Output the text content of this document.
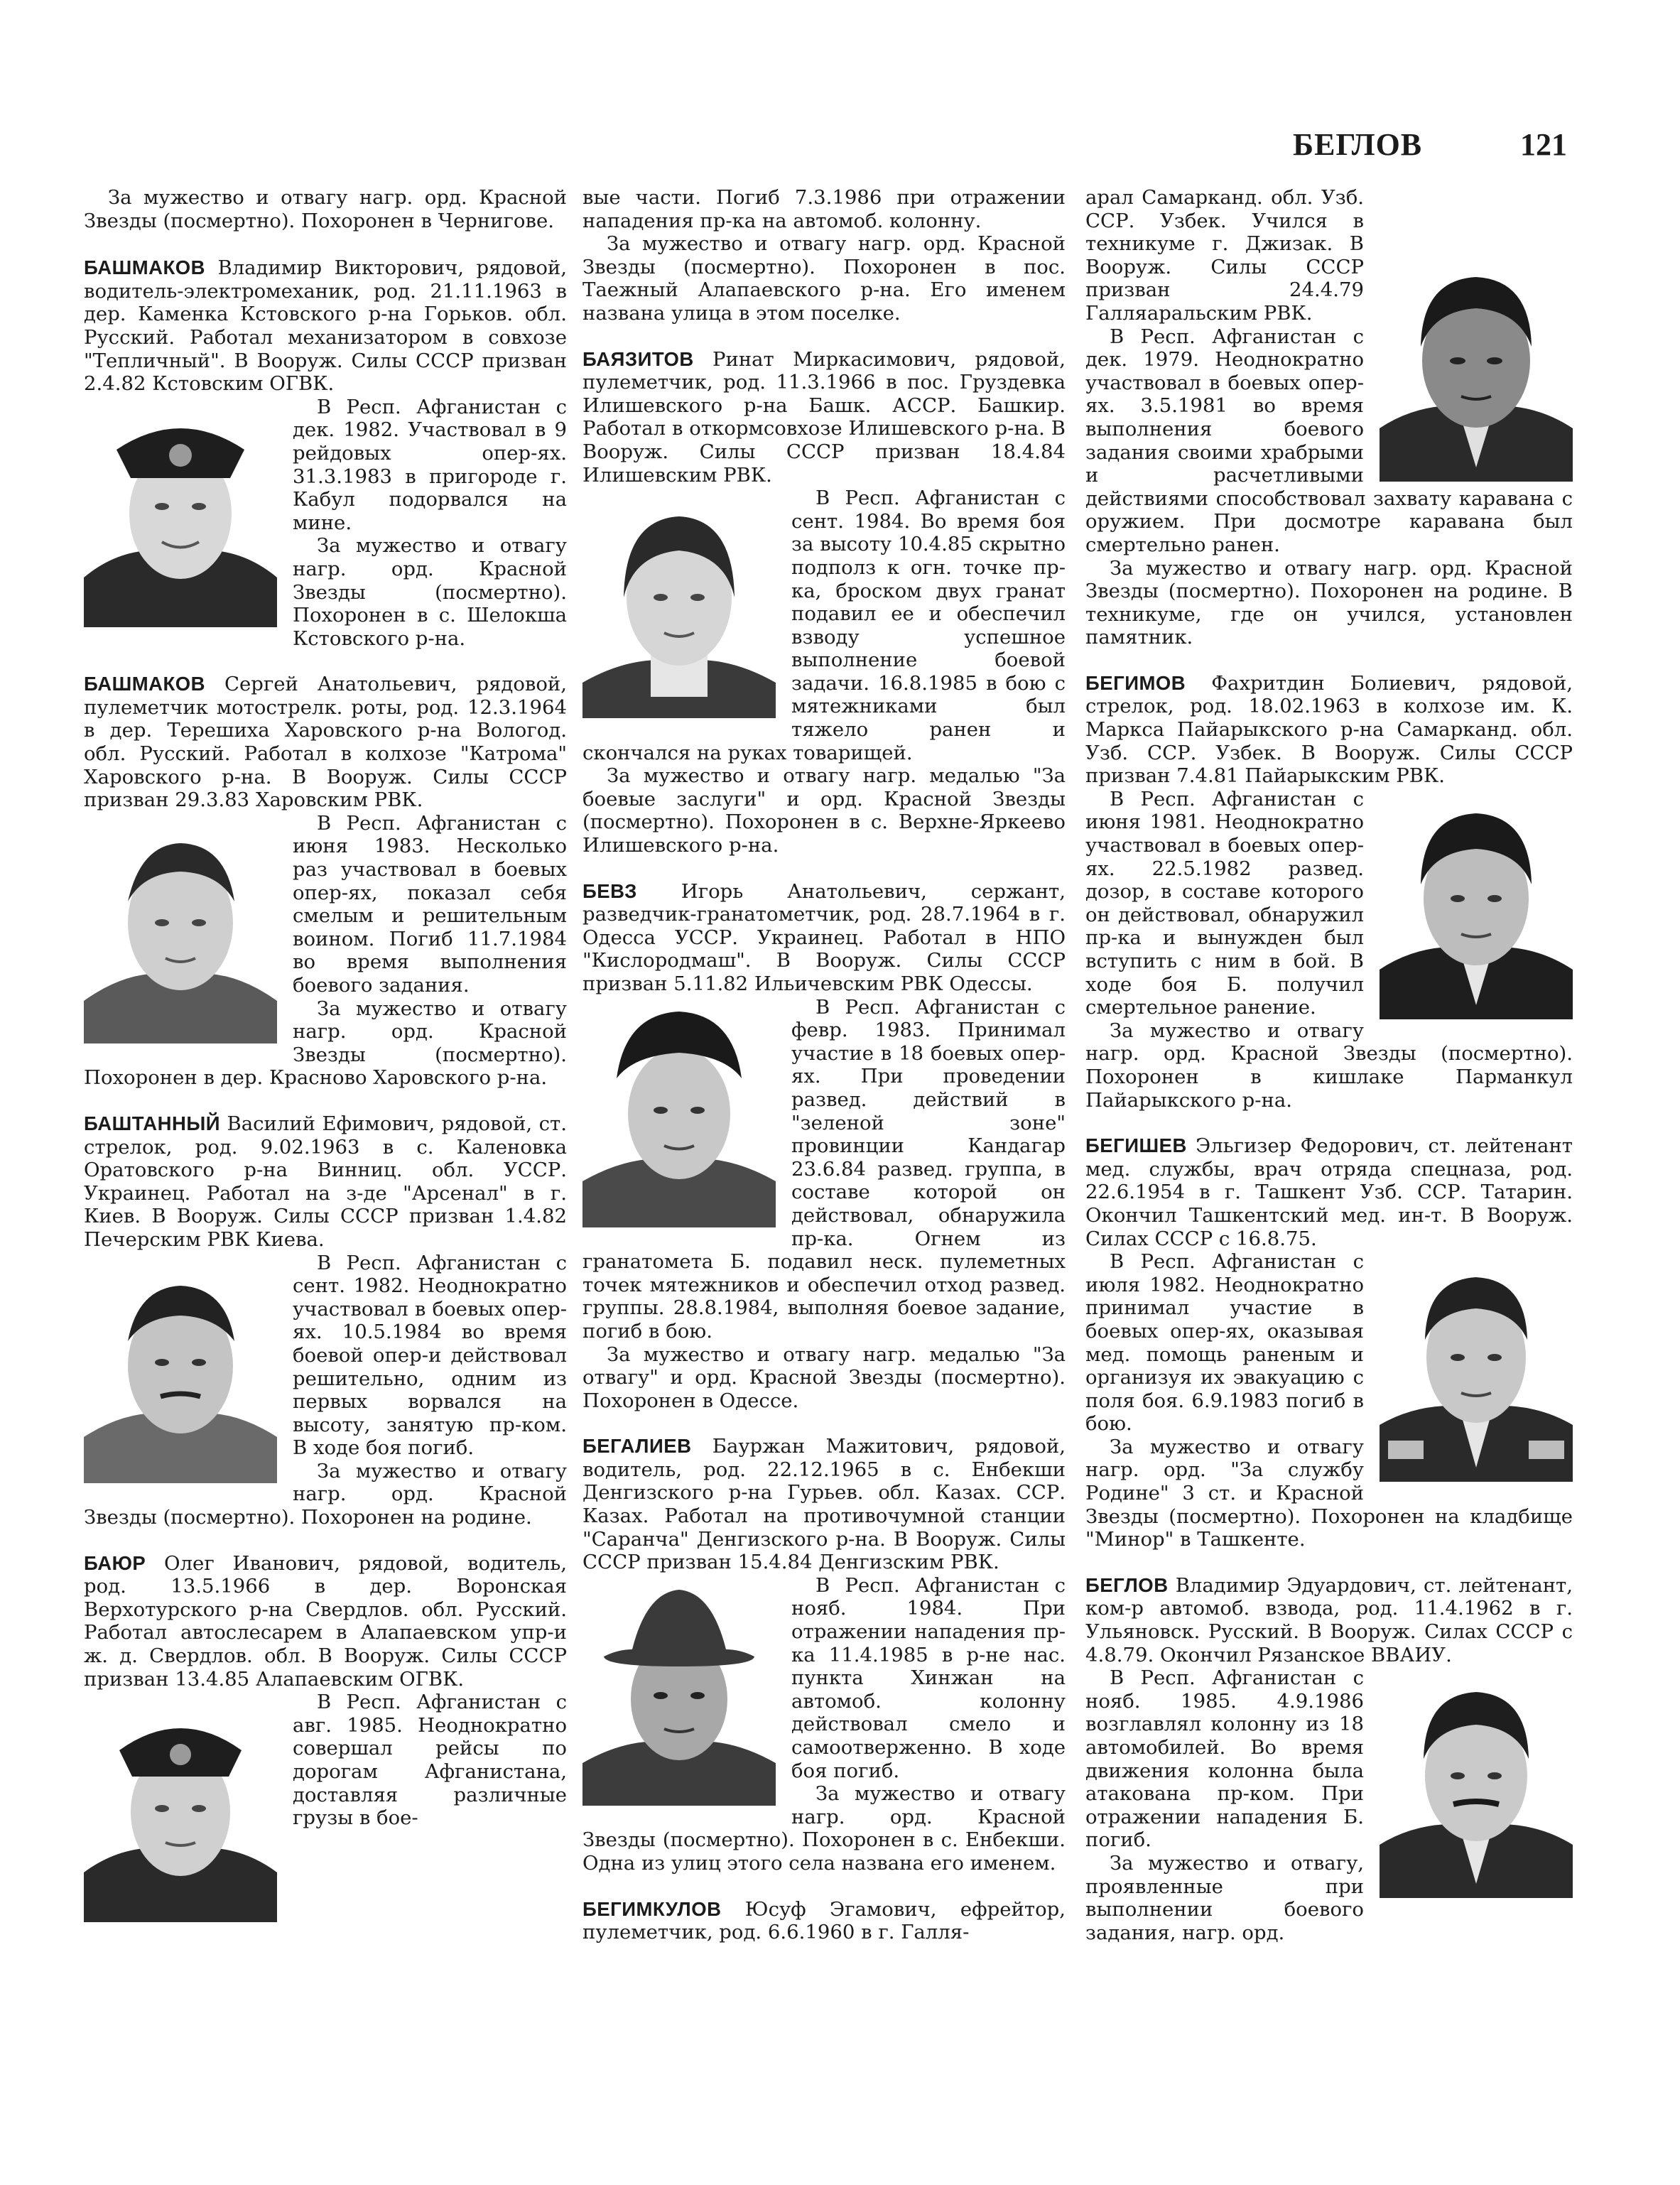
БЕГЛОВ	121

За мужество и отвагу нагр. орд. Красной Звезды (посмертно). Похоронен в Чернигове.

БАШМАКОВ Владимир Викторович, рядовой, водитель-электромеханик, род. 21.11.1963 в дер. Каменка Кстовского р-на Горьков. обл. Русский. Работал механизатором в совхозе "Тепличный". В Вооруж. Силы СССР призван 2.4.82 Кстовским ОГВК.

В Респ. Афганистан с дек. 1982. Участвовал в 9 рейдовых опер-ях. 31.3.1983 в пригороде г. Кабул подорвался на мине.

За мужество и отвагу нагр. орд. Красной Звезды (посмертно). Похоронен в с. Шелокша Кстовского р-на.

БАШМАКОВ Сергей Анатольевич, рядовой, пулеметчик мотострелк. роты, род. 12.3.1964 в дер. Терешиха Харовского р-на Вологод. обл. Русский. Работал в колхозе "Катрома" Харовского р-на. В Вооруж. Силы СССР призван 29.3.83 Харовским РВК.

В Респ. Афганистан с июня 1983. Несколько раз участвовал в боевых опер-ях, показал себя смелым и решительным воином. Погиб 11.7.1984 во время выполнения боевого задания.

За мужество и отвагу нагр. орд. Красной Звезды (посмертно). Похоронен в дер. Красново Харовского р-на.

БАШТАННЫЙ Василий Ефимович, рядовой, ст. стрелок, род. 9.02.1963 в с. Каленовка Оратовского р-на Винниц. обл. УССР. Украинец. Работал на з-де "Арсенал" в г. Киев. В Вооруж. Силы СССР призван 1.4.82 Печерским РВК Киева.

В Респ. Афганистан с сент. 1982. Неоднократно участвовал в боевых опер-ях. 10.5.1984 во время боевой опер-и действовал решительно, одним из первых ворвался на высоту, занятую пр-ком. В ходе боя погиб.

За мужество и отвагу нагр. орд. Красной Звезды (посмертно). Похоронен на родине.

БАЮР Олег Иванович, рядовой, водитель, род. 13.5.1966 в дер. Воронская Верхотурского р-на Свердлов. обл. Русский. Работал автослесарем в Алапаевском упр-и ж. д. Свердлов. обл. В Вооруж. Силы СССР призван 13.4.85 Алапаевским ОГВК.

В Респ. Афганистан с авг. 1985. Неоднократно совершал рейсы по дорогам Афганистана, доставляя различные грузы в бое-

вые части. Погиб 7.3.1986 при отражении нападения пр-ка на автомоб. колонну.

За мужество и отвагу нагр. орд. Красной Звезды (посмертно). Похоронен в пос. Таежный Алапаевского р-на. Его именем названа улица в этом поселке.

БАЯЗИТОВ Ринат Миркасимович, рядовой, пулеметчик, род. 11.3.1966 в пос. Груздевка Илишевского р-на Башк. АССР. Башкир. Работал в откормсовхозе Илишевского р-на. В Вооруж. Силы СССР призван 18.4.84 Илишевским РВК.

В Респ. Афганистан с сент. 1984. Во время боя за высоту 10.4.85 скрытно подполз к огн. точке пр-ка, броском двух гранат подавил ее и обеспечил взводу успешное выполнение боевой задачи. 16.8.1985 в бою с мятежниками был тяжело ранен и скончался на руках товарищей.

За мужество и отвагу нагр. медалью "За боевые заслуги" и орд. Красной Звезды (посмертно). Похоронен в с. Верхне-Яркеево Илишевского р-на.

БЕВЗ Игорь Анатольевич, сержант, разведчик-гранатометчик, род. 28.7.1964 в г. Одесса УССР. Украинец. Работал в НПО "Кислородмаш". В Вооруж. Силы СССР призван 5.11.82 Ильичевским РВК Одессы.

В Респ. Афганистан с февр. 1983. Принимал участие в 18 боевых опер-ях. При проведении развед. действий в "зеленой зоне" провинции Кандагар 23.6.84 развед. группа, в составе которой он действовал, обнаружила пр-ка. Огнем из гранатомета Б. подавил неск. пулеметных точек мятежников и обеспечил отход развед. группы. 28.8.1984, выполняя боевое задание, погиб в бою.

За мужество и отвагу нагр. медалью "За отвагу" и орд. Красной Звезды (посмертно). Похоронен в Одессе.

БЕГАЛИЕВ Бауржан Мажитович, рядовой, водитель, род. 22.12.1965 в с. Енбекши Денгизского р-на Гурьев. обл. Казах. ССР. Казах. Работал на противочумной станции "Саранча" Денгизского р-на. В Вооруж. Силы СССР призван 15.4.84 Денгизским РВК.

В Респ. Афганистан с нояб. 1984. При отражении нападения пр-ка 11.4.1985 в р-не нас. пункта Хинжан на автомоб. колонну действовал смело и самоотверженно. В ходе боя погиб.

За мужество и отвагу нагр. орд. Красной Звезды (посмертно). Похоронен в с. Енбекши. Одна из улиц этого села названа его именем.

БЕГИМКУЛОВ Юсуф Эгамович, ефрейтор, пулеметчик, род. 6.6.1960 в г. Галля-

арал Самарканд. обл. Узб. ССР. Узбек. Учился в техникуме г. Джизак. В Вооруж. Силы СССР призван 24.4.79 Галляаральским РВК.

В Респ. Афганистан с дек. 1979. Неоднократно участвовал в боевых опер-ях. 3.5.1981 во время выполнения боевого задания своими храбрыми и расчетливыми действиями способствовал захвату каравана с оружием. При досмотре каравана был смертельно ранен.

За мужество и отвагу нагр. орд. Красной Звезды (посмертно). Похоронен на родине. В техникуме, где он учился, установлен памятник.

БЕГИМОВ Фахритдин Болиевич, рядовой, стрелок, род. 18.02.1963 в колхозе им. К. Маркса Пайарыкского р-на Самарканд. обл. Узб. ССР. Узбек. В Вооруж. Силы СССР призван 7.4.81 Пайарыкским РВК.

В Респ. Афганистан с июня 1981. Неоднократно участвовал в боевых опер-ях. 22.5.1982 развед. дозор, в составе которого он действовал, обнаружил пр-ка и вынужден был вступить с ним в бой. В ходе боя Б. получил смертельное ранение.

За мужество и отвагу нагр. орд. Красной Звезды (посмертно). Похоронен в кишлаке Парманкул Пайарыкского р-на.

БЕГИШЕВ Эльгизер Федорович, ст. лейтенант мед. службы, врач отряда спецназа, род. 22.6.1954 в г. Ташкент Узб. ССР. Татарин. Окончил Ташкентский мед. ин-т. В Вооруж. Силах СССР с 16.8.75.

В Респ. Афганистан с июля 1982. Неоднократно принимал участие в боевых опер-ях, оказывая мед. помощь раненым и организуя их эвакуацию с поля боя. 6.9.1983 погиб в бою.

За мужество и отвагу нагр. орд. "За службу Родине" 3 ст. и Красной Звезды (посмертно). Похоронен на кладбище "Минор" в Ташкенте.

БЕГЛОВ Владимир Эдуардович, ст. лейтенант, ком-р автомоб. взвода, род. 11.4.1962 в г. Ульяновск. Русский. В Вооруж. Силах СССР с 4.8.79. Окончил Рязанское ВВАИУ.

В Респ. Афганистан с нояб. 1985. 4.9.1986 возглавлял колонну из 18 автомобилей. Во время движения колонна была атакована пр-ком. При отражении нападения Б. погиб.

За мужество и отвагу, проявленные при выполнении боевого задания, нагр. орд.
